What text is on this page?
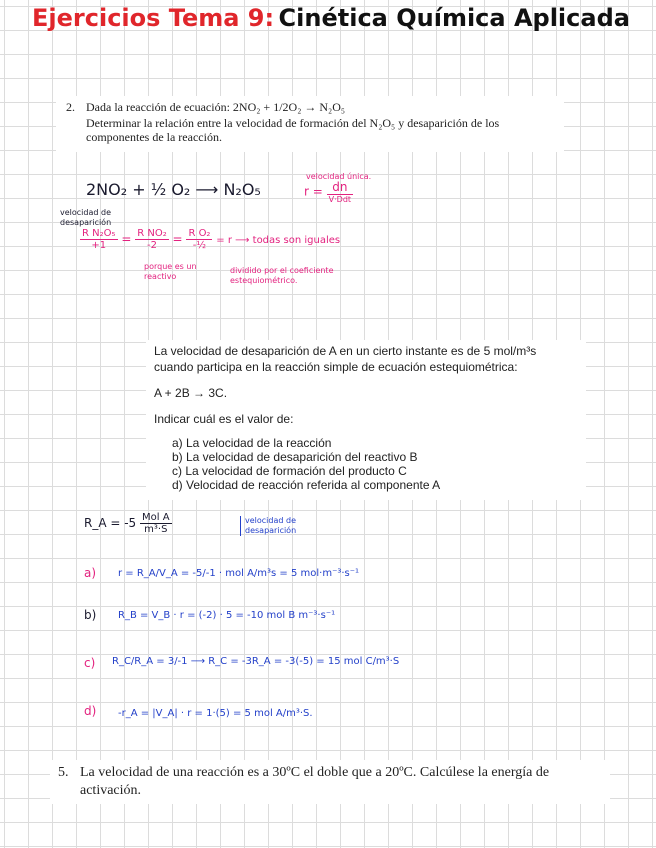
Ejercicios Tema 9: Cinética Química Aplicada
2. Dada la reacción de ecuación: 2NO₂ + 1/2O₂ → N₂O₅
Determinar la relación entre la velocidad de formación del N₂O₅ y desaparición de los
componentes de la reacción.
2NO₂ + ½ O₂ ⟶ N₂O₅
velocidad única.
$r = \frac{dn}{\text{V·Ddt}}$
velocidad de desaparición
$\frac{\text{R N₂O₅}}{+1} = \frac{\text{R NO₂}}{-2} = \frac{\text{R O₂}}{\text{-½}} = r$ ⟶ todas son iguales
porque es un reactivo
dividido por el coeficiente estequiométrico.
La velocidad de desaparición de A en un cierto instante es de 5 mol/m³s
cuando participa en la reacción simple de ecuación estequiométrica:
A + 2B → 3C.
Indicar cuál es el valor de:
a) La velocidad de la reacción
b) La velocidad de desaparición del reactivo B
c) La velocidad de formación del producto C
d) Velocidad de reacción referida al componente A
R_A = $-5 \frac{\text{Mol A}}{\text{m³·S}}$	velocidad de desaparición
a) r = R_A/V_A = -5/-1 · mol A/m³s = 5 mol·m⁻³·s⁻¹
b) R_B = V_B · r = (-2) · 5 = -10 mol B m⁻³·s⁻¹
c) R_C/R_A = 3/-1 ⟶ R_C = -3R_A = -3(-5) = 15 mol C/m³·S
d) -r_A = |V_A| · r = 1·(5) = 5 mol A/m³·S.
5. La velocidad de una reacción es a 30ºC el doble que a 20ºC. Calcúlese la energía de
activación.
